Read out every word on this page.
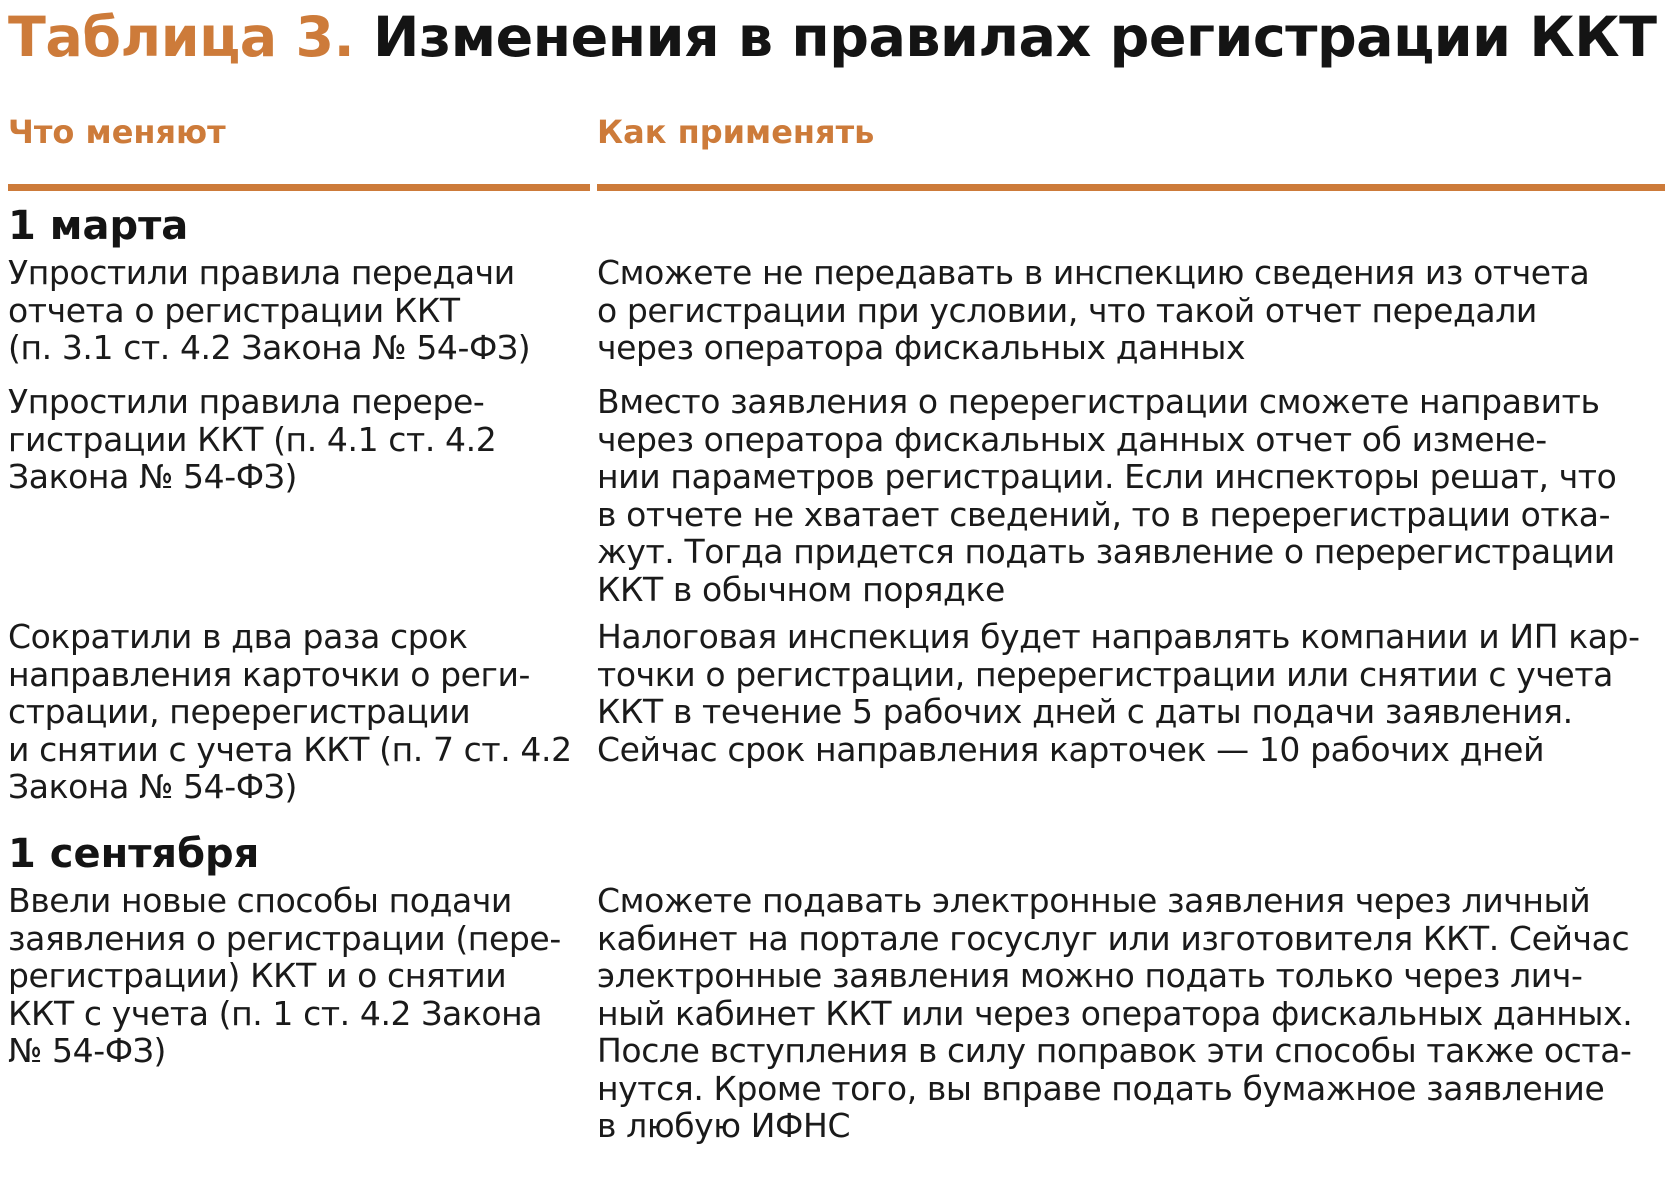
Таблица 3. Изменения в правилах регистрации ККТ
Что меняют	Как применять
1 марта
Упростили правила передачи
отчета о регистрации ККТ
(п. 3.1 ст. 4.2 Закона № 54-ФЗ)
Сможете не передавать в инспекцию сведения из отчета
о регистрации при условии, что такой отчет передали
через оператора фискальных данных
Упростили правила перере-
гистрации ККТ (п. 4.1 ст. 4.2
Закона № 54-ФЗ)
Вместо заявления о перерегистрации сможете направить
через оператора фискальных данных отчет об измене-
нии параметров регистрации. Если инспекторы решат, что
в отчете не хватает сведений, то в перерегистрации отка-
жут. Тогда придется подать заявление о перерегистрации
ККТ в обычном порядке
Сократили в два раза срок
направления карточки о реги-
страции, перерегистрации
и снятии с учета ККТ (п. 7 ст. 4.2
Закона № 54-ФЗ)
Налоговая инспекция будет направлять компании и ИП кар-
точки о регистрации, перерегистрации или снятии с учета
ККТ в течение 5 рабочих дней с даты подачи заявления.
Сейчас срок направления карточек — 10 рабочих дней
1 сентября
Ввели новые способы подачи
заявления о регистрации (пере-
регистрации) ККТ и о снятии
ККТ с учета (п. 1 ст. 4.2 Закона
№ 54-ФЗ)
Сможете подавать электронные заявления через личный
кабинет на портале госуслуг или изготовителя ККТ. Сейчас
электронные заявления можно подать только через лич-
ный кабинет ККТ или через оператора фискальных данных.
После вступления в силу поправок эти способы также оста-
нутся. Кроме того, вы вправе подать бумажное заявление
в любую ИФНС
